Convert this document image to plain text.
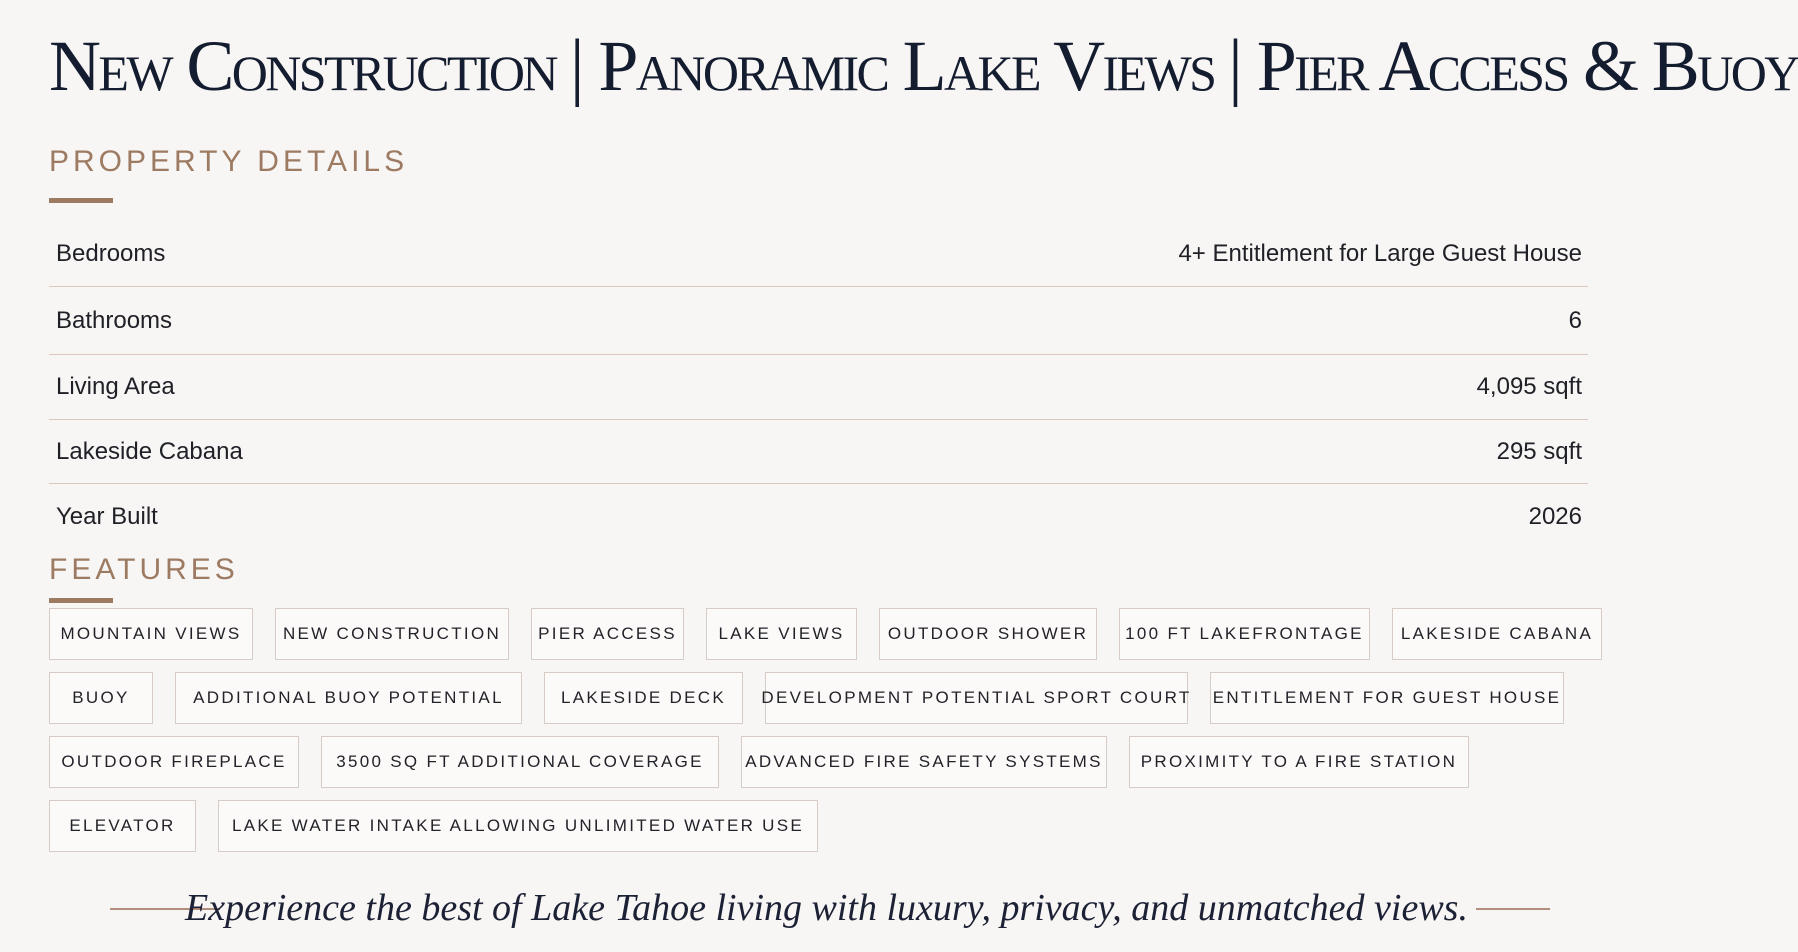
New Construction | Panoramic Lake Views | Pier Access & Buoy
PROPERTY DETAILS
Bedrooms	4+ Entitlement for Large Guest House
Bathrooms	6
Living Area	4,095 sqft
Lakeside Cabana	295 sqft
Year Built	2026
FEATURES
MOUNTAIN VIEWS	NEW CONSTRUCTION	PIER ACCESS	LAKE VIEWS	OUTDOOR SHOWER	100 FT LAKEFRONTAGE	LAKESIDE CABANA
BUOY	ADDITIONAL BUOY POTENTIAL	LAKESIDE DECK	DEVELOPMENT POTENTIAL SPORT COURT ENTITLEMENT FOR GUEST HOUSE
OUTDOOR FIREPLACE	3500 SQ FT ADDITIONAL COVERAGE	ADVANCED FIRE SAFETY SYSTEMS	PROXIMITY TO A FIRE STATION
ELEVATOR	LAKE WATER INTAKE ALLOWING UNLIMITED WATER USE

Experience the best of Lake Tahoe living with luxury, privacy, and unmatched views.
